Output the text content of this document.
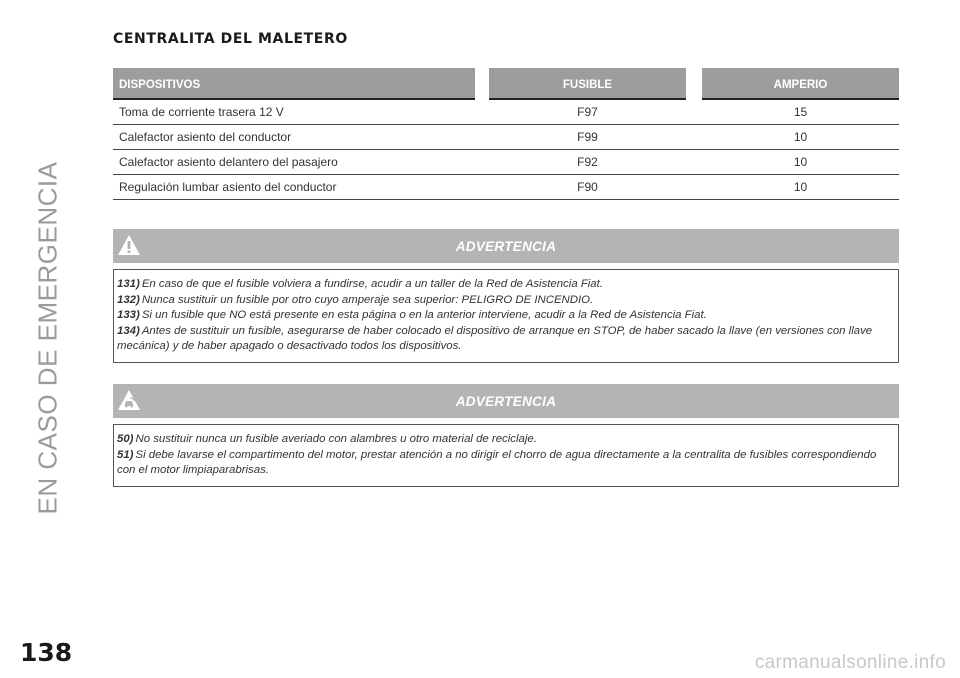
EN CASO DE EMERGENCIA
138	carmanualsonline.info
CENTRALITA DEL MALETERO
DISPOSITIVOS	FUSIBLE	AMPERIO
Toma de corriente trasera 12 V	F97	15
Calefactor asiento del conductor	F99	10
Calefactor asiento delantero del pasajero	F92	10
Regulación lumbar asiento del conductor	F90	10
ADVERTENCIA
131) En caso de que el fusible volviera a fundirse, acudir a un taller de la Red de Asistencia Fiat.
132) Nunca sustituir un fusible por otro cuyo amperaje sea superior: PELIGRO DE INCENDIO.
133) Si un fusible que NO está presente en esta página o en la anterior interviene, acudir a la Red de Asistencia Fiat.
134) Antes de sustituir un fusible, asegurarse de haber colocado el dispositivo de arranque en STOP, de haber sacado la llave (en versiones con llave mecánica) y de haber apagado o desactivado todos los dispositivos.
ADVERTENCIA
50) No sustituir nunca un fusible averiado con alambres u otro material de reciclaje.
51) Si debe lavarse el compartimento del motor, prestar atención a no dirigir el chorro de agua directamente a la centralita de fusibles correspondiendo con el motor limpiaparabrisas.
